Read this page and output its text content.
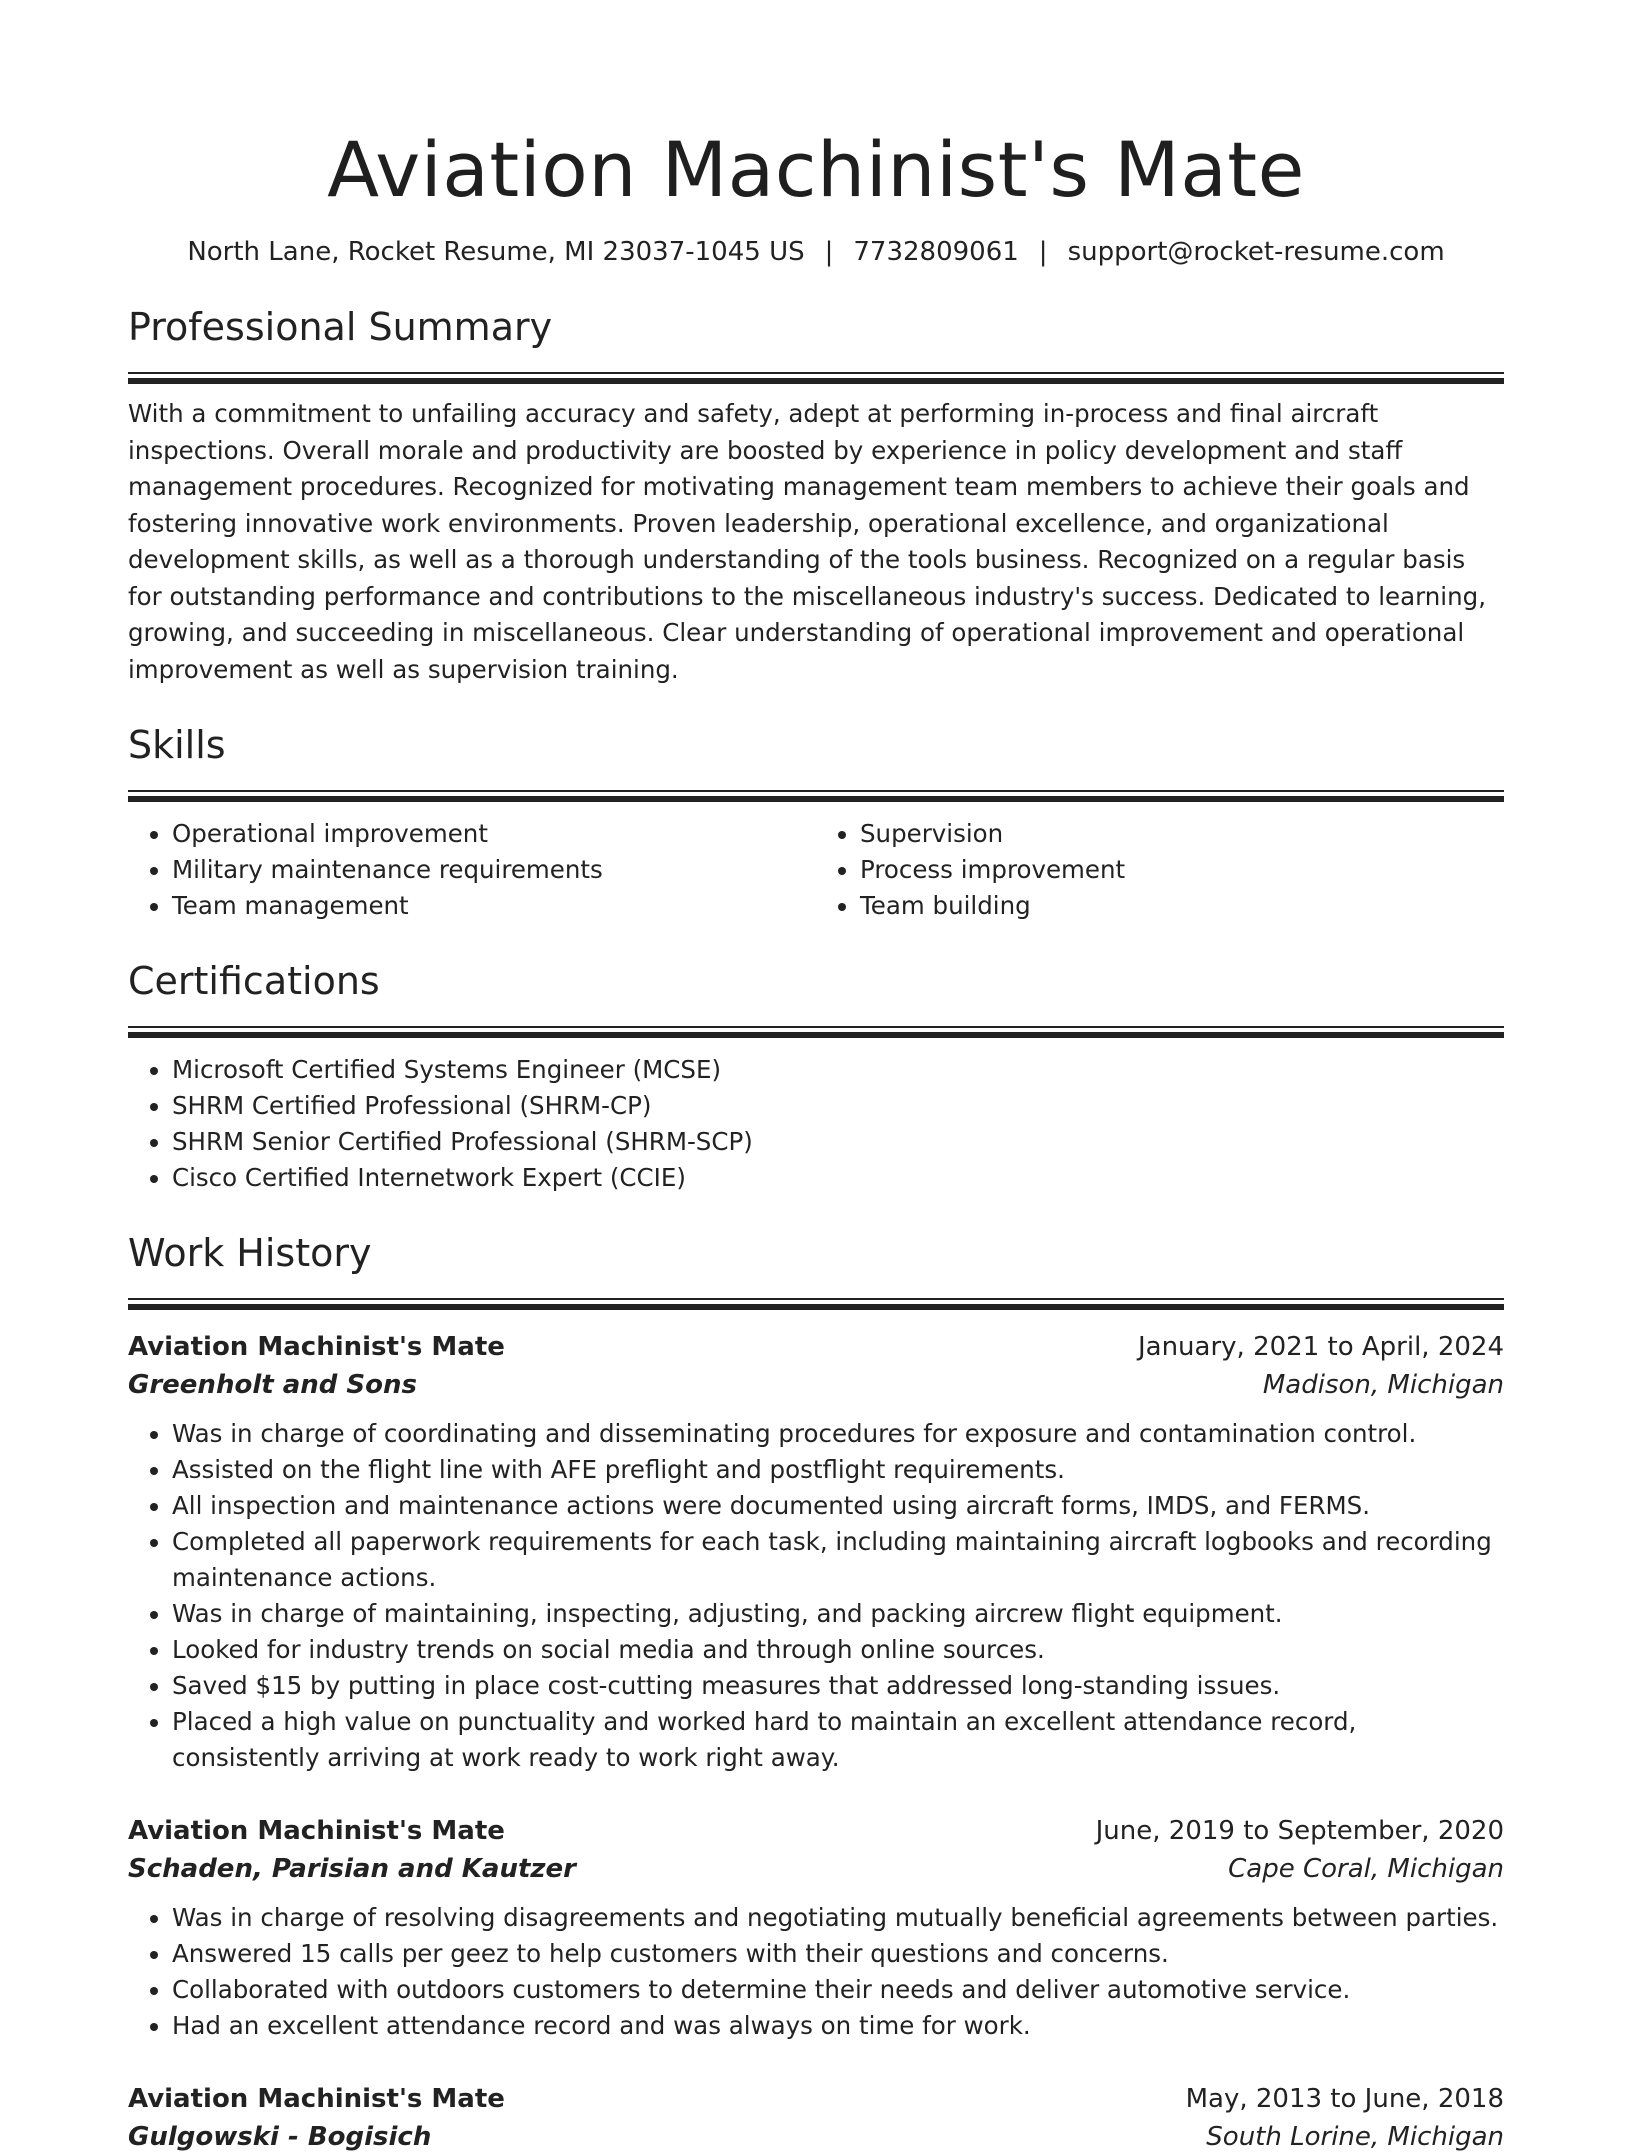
Aviation Machinist's Mate
North Lane, Rocket Resume, MI 23037-1045 US | 7732809061 | support@rocket-resume.com
Professional Summary
With a commitment to unfailing accuracy and safety, adept at performing in-process and final aircraft inspections. Overall morale and productivity are boosted by experience in policy development and staff management procedures. Recognized for motivating management team members to achieve their goals and fostering innovative work environments. Proven leadership, operational excellence, and organizational development skills, as well as a thorough understanding of the tools business. Recognized on a regular basis for outstanding performance and contributions to the miscellaneous industry's success. Dedicated to learning, growing, and succeeding in miscellaneous. Clear understanding of operational improvement and operational improvement as well as supervision training.
Skills
• Operational improvement
• Military maintenance requirements
• Team management
• Supervision
• Process improvement
• Team building
Certifications
• Microsoft Certified Systems Engineer (MCSE)
• SHRM Certified Professional (SHRM-CP)
• SHRM Senior Certified Professional (SHRM-SCP)
• Cisco Certified Internetwork Expert (CCIE)
Work History
Aviation Machinist's Mate	January, 2021 to April, 2024
Greenholt and Sons	Madison, Michigan
• Was in charge of coordinating and disseminating procedures for exposure and contamination control.
• Assisted on the flight line with AFE preflight and postflight requirements.
• All inspection and maintenance actions were documented using aircraft forms, IMDS, and FERMS.
• Completed all paperwork requirements for each task, including maintaining aircraft logbooks and recording maintenance actions.
• Was in charge of maintaining, inspecting, adjusting, and packing aircrew flight equipment.
• Looked for industry trends on social media and through online sources.
• Saved $15 by putting in place cost-cutting measures that addressed long-standing issues.
• Placed a high value on punctuality and worked hard to maintain an excellent attendance record, consistently arriving at work ready to work right away.
Aviation Machinist's Mate	June, 2019 to September, 2020
Schaden, Parisian and Kautzer	Cape Coral, Michigan
• Was in charge of resolving disagreements and negotiating mutually beneficial agreements between parties.
• Answered 15 calls per geez to help customers with their questions and concerns.
• Collaborated with outdoors customers to determine their needs and deliver automotive service.
• Had an excellent attendance record and was always on time for work.
Aviation Machinist's Mate	May, 2013 to June, 2018
Gulgowski - Bogisich	South Lorine, Michigan
